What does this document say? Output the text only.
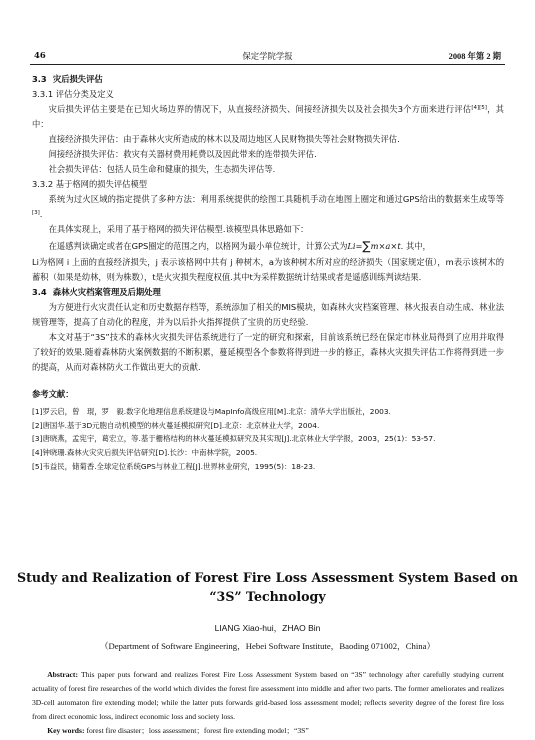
46	保定学院学报	2008 年第 2 期
3.3 灾后损失评估
3.3.1 评估分类及定义
灾后损失评估主要是在已知火场边界的情况下，从直接经济损失、间接经济损失以及社会损失3个方面来进行评估[4][5]，其中：
直接经济损失评估：由于森林火灾所造成的林木以及周边地区人民财物损失等社会财物损失评估.
间接经济损失评估：救灾有关器材费用耗费以及因此带来的连带损失评估.
社会损失评估：包括人员生命和健康的损失，生态损失评估等.
3.3.2 基于格网的损失评估模型
系统为过火区域的指定提供了多种方法：利用系统提供的绘图工具随机手动在地图上圈定和通过GPS给出的数据来生成等等[3].
在具体实现上，采用了基于格网的损失评估模型.该模型具体思路如下：
在遥感判读确定或者在GPS圈定的范围之内，以格网为最小单位统计，计算公式为Li=∑m×a×t. 其中，
Li为格网 i 上面的直接经济损失，j 表示该格网中共有 j 种树木，a为该种树木所对应的经济损失（国家规定值），m表示该树木的蓄积（如果是幼林，则为株数），t是火灾损失程度权值.其中t为采样数据统计结果或者是遥感训练判读结果.
3.4 森林火灾档案管理及后期处理
为方便进行火灾责任认定和历史数据存档等，系统添加了相关的MIS模块，如森林火灾档案管理、林火报表自动生成、林业法规管理等，提高了自动化的程度，并为以后扑火指挥提供了宝贵的历史经验.
本文对基于“3S”技术的森林火灾损失评估系统进行了一定的研究和探索，目前该系统已经在保定市林业局得到了应用并取得了较好的效果.随着森林防火案例数据的不断积累，蔓延模型各个参数将得到进一步的修正，森林火灾损失评估工作将得到进一步的提高，从而对森林防火工作做出更大的贡献.
参考文献：
[1]罗云启，曾　琨，罗　毅.数字化地理信息系统建设与MapInfo高级应用[M].北京：清华大学出版社，2003.
[2]唐国华.基于3D元胞自动机模型的林火蔓延模拟研究[D].北京：北京林业大学，2004.
[3]唐晓燕，孟宪宇，葛宏立，等.基于栅格结构的林火蔓延模拟研究及其实现[J].北京林业大学学报，2003，25(1)：53-57.
[4]钟晓珊.森林火灾灾后损失评估研究[D].长沙：中南林学院，2005.
[5]韦益民，储菊香.全球定位系统GPS与林业工程[J].世界林业研究，1995(5)：18-23.
Study and Realization of Forest Fire Loss Assessment System Based on “3S” Technology
LIANG Xiao-hui，ZHAO Bin
（Department of Software Engineering，Hebei Software Institute，Baoding 071002，China）
Abstract: This paper puts forward and realizes Forest Fire Loss Assessment System based on “3S” technology after carefully studying current actuality of forest fire researches of the world which divides the forest fire assessment into middle and after two parts. The former ameliorates and realizes 3D-cell automaton fire extending model; while the latter puts forwards grid-based loss assessment model; reflects severity degree of the forest fire loss from direct economic loss, indirect economic loss and society loss.
Key words: forest fire disaster；loss assessment；forest fire extending model；“3S”
